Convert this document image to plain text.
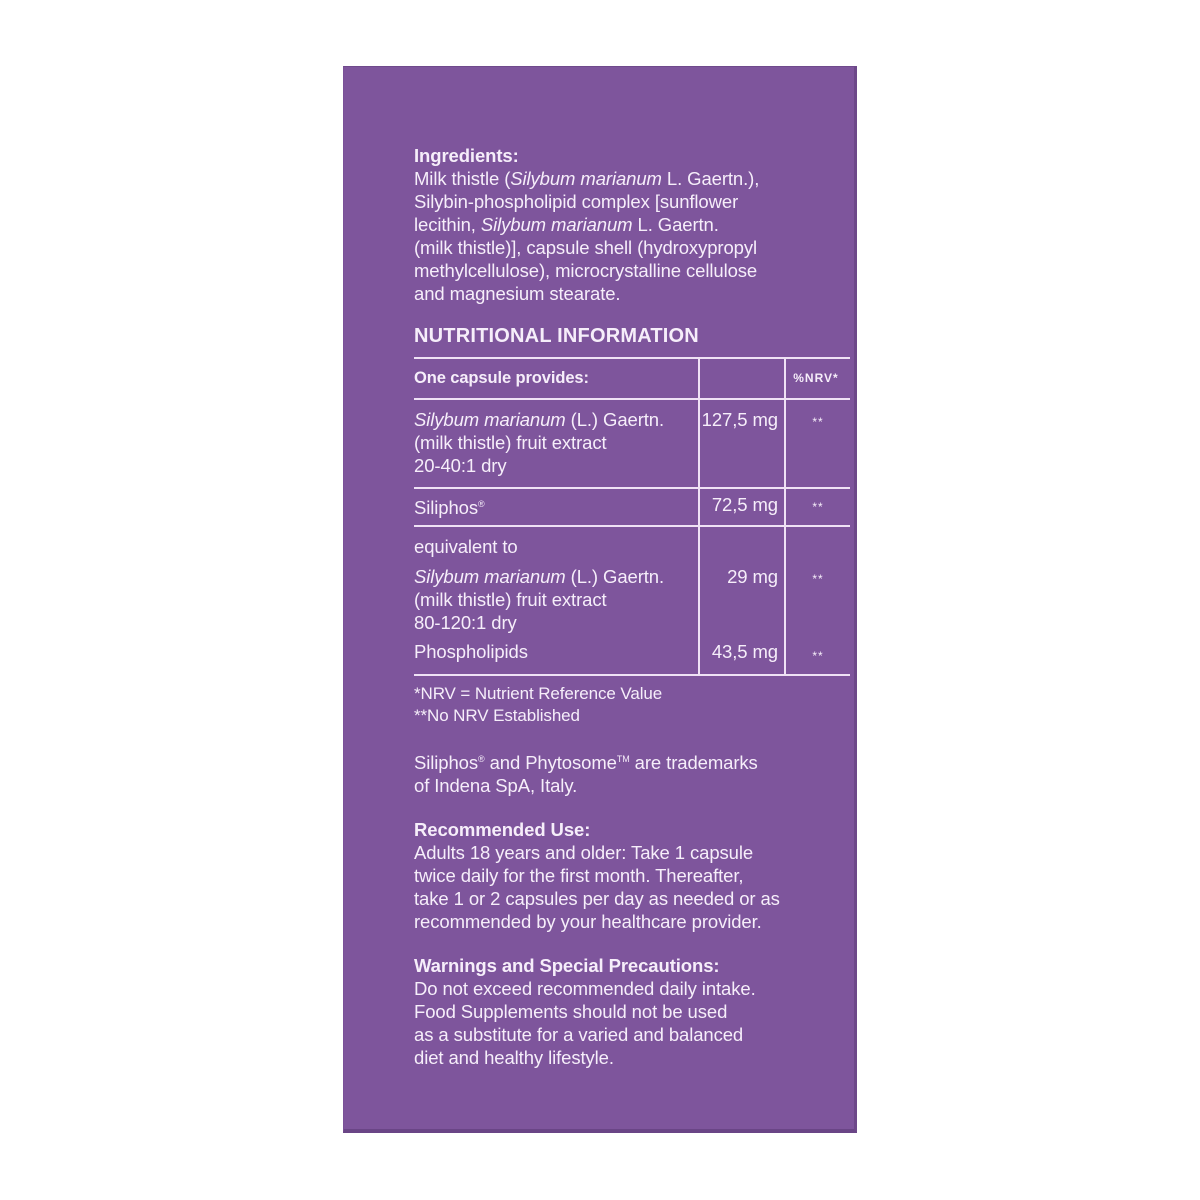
Ingredients:

Milk thistle (Silybum marianum L. Gaertn.),

Silybin-phospholipid complex [sunflower

lecithin, Silybum marianum L. Gaertn.

(milk thistle)], capsule shell (hydroxypropyl

methylcellulose), microcrystalline cellulose

and magnesium stearate.

NUTRITIONAL INFORMATION
One capsule provides:		%NRV*
Silybum marianum (L.) Gaertn.
(milk thistle) fruit extract
20-40:1 dry	127,5 mg	**
Siliphos®	72,5 mg	**
equivalent to		
Silybum marianum (L.) Gaertn.
(milk thistle) fruit extract
80-120:1 dry	29 mg	**
Phospholipids	43,5 mg	**
*NRV = Nutrient Reference Value
**No NRV Established
Siliphos® and Phytosome™ are trademarks
of Indena SpA, Italy.

Recommended Use:

Adults 18 years and older: Take 1 capsule

twice daily for the first month. Thereafter,

take 1 or 2 capsules per day as needed or as

recommended by your healthcare provider.

Warnings and Special Precautions:

Do not exceed recommended daily intake.

Food Supplements should not be used

as a substitute for a varied and balanced

diet and healthy lifestyle.
